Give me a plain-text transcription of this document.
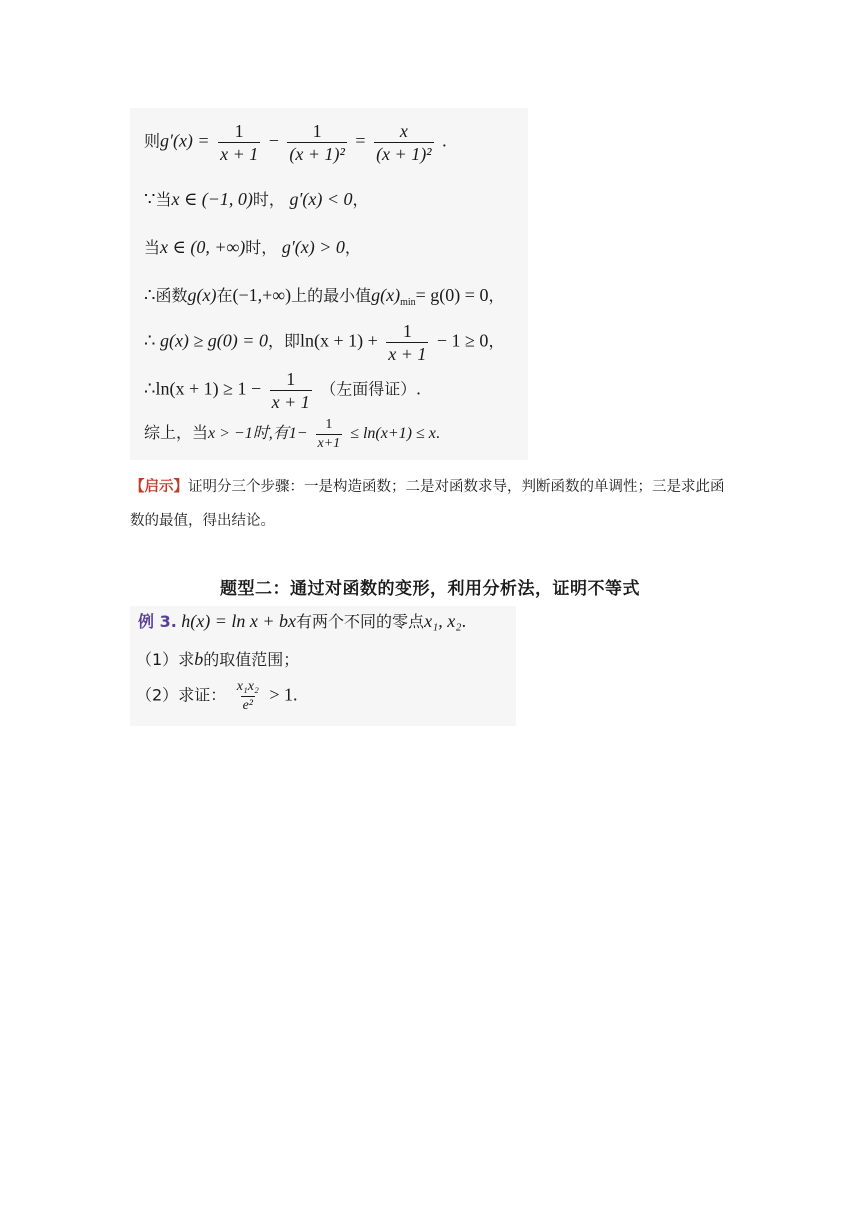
则$g'(x) = \frac{1}{x + 1} - \frac{1}{\text{(x + 1)²}} = \frac{x}{\text{(x + 1)²}}$ .
∵当x ∈ (−1, 0)时， g′(x) < 0，
当x ∈ (0, +∞)时， g′(x) > 0，
∴函数g(x)在(−1,+∞)上的最小值$g(x)_{min}= g(0) = 0$，
∴ g(x) ≥ g(0) = 0，即$\ln(x + 1) + \frac{1}{x + 1} - 1 \ge 0$，
∴ln(x + $1) \ge 1 - \frac{1}{x + 1}$ （左面得证）.
综上，当x > −1时,有$1- \frac{1}{x+1} \le \ln(x+1) \le x$.
【启示】证明分三个步骤：一是构造函数；二是对函数求导，判断函数的单调性；三是求此函数的最值，得出结论。
题型二：通过对函数的变形，利用分析法，证明不等式
例 3. h(x) = ln x + bx有两个不同的零点x₁, x₂.
（1）求b的取值范围；
（2）求证： $\frac{\text{x₁x₂}}{\text{e²}} > 1$.
